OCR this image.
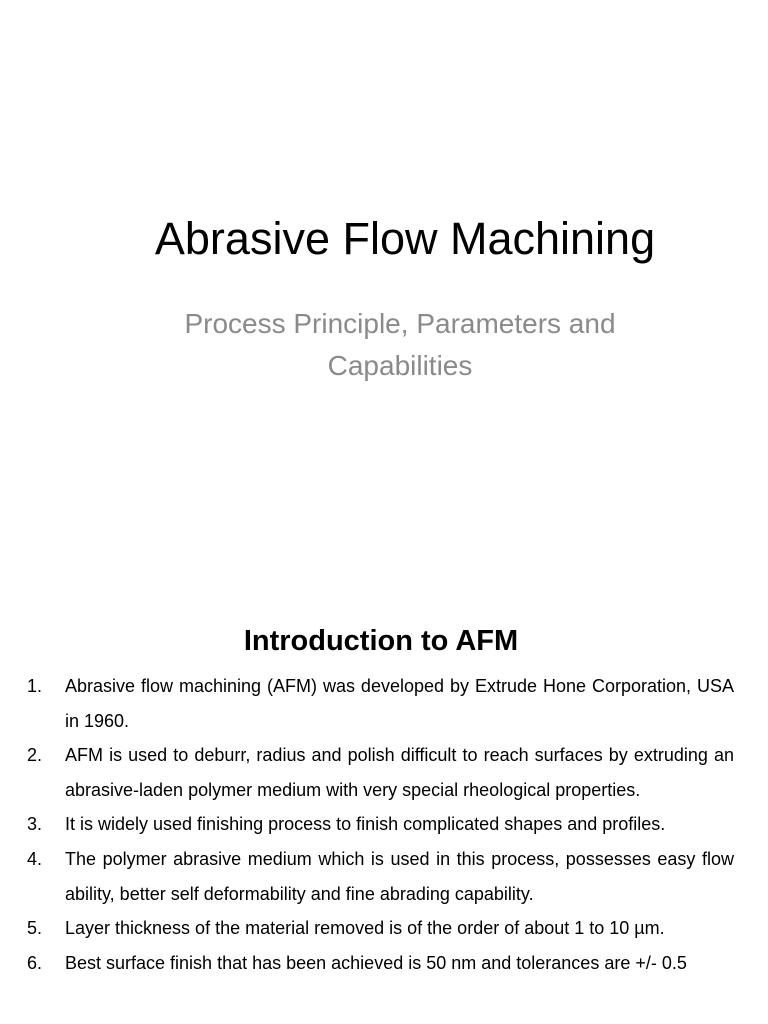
Abrasive Flow Machining

Process Principle, Parameters and Capabilities

Introduction to AFM
1. Abrasive flow machining (AFM) was developed by Extrude Hone Corporation, USA in 1960.
2. AFM is used to deburr, radius and polish difficult to reach surfaces by extruding an abrasive-laden polymer medium with very special rheological properties.
3. It is widely used finishing process to finish complicated shapes and profiles.
4. The polymer abrasive medium which is used in this process, possesses easy flow ability, better self deformability and fine abrading capability.
5. Layer thickness of the material removed is of the order of about 1 to 10 µm.
6. Best surface finish that has been achieved is 50 nm and tolerances are +/- 0.5
